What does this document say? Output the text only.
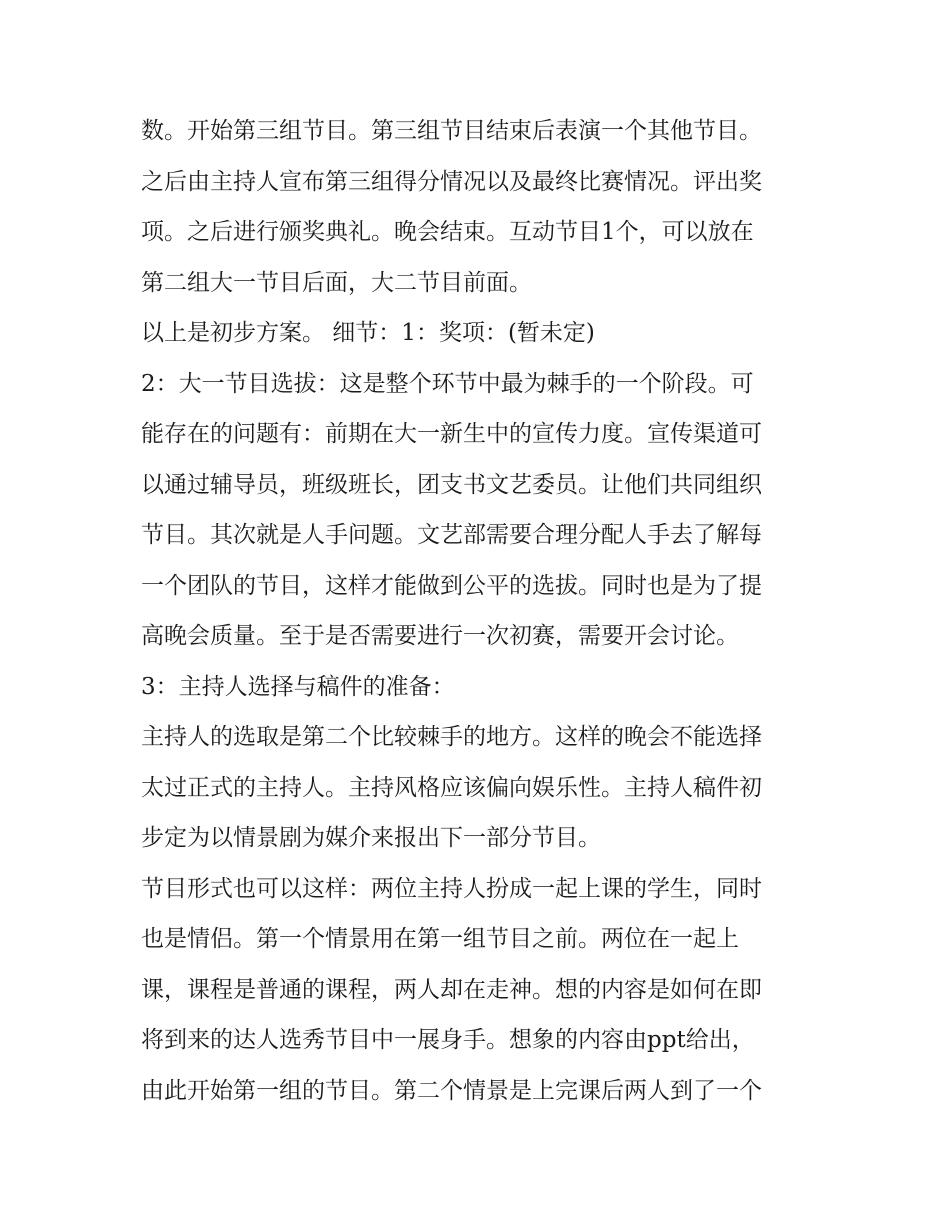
数。开始第三组节目。第三组节目结束后表演一个其他节目。
之后由主持人宣布第三组得分情况以及最终比赛情况。评出奖
项。之后进行颁奖典礼。晚会结束。互动节目1个，可以放在
第二组大一节目后面，大二节目前面。
以上是初步方案。 细节：1：奖项：(暂未定)
2：大一节目选拔：这是整个环节中最为棘手的一个阶段。可
能存在的问题有：前期在大一新生中的宣传力度。宣传渠道可
以通过辅导员，班级班长，团支书文艺委员。让他们共同组织
节目。其次就是人手问题。文艺部需要合理分配人手去了解每
一个团队的节目，这样才能做到公平的选拔。同时也是为了提
高晚会质量。至于是否需要进行一次初赛，需要开会讨论。
3：主持人选择与稿件的准备：
主持人的选取是第二个比较棘手的地方。这样的晚会不能选择
太过正式的主持人。主持风格应该偏向娱乐性。主持人稿件初
步定为以情景剧为媒介来报出下一部分节目。
节目形式也可以这样：两位主持人扮成一起上课的学生，同时
也是情侣。第一个情景用在第一组节目之前。两位在一起上
课，课程是普通的课程，两人却在走神。想的内容是如何在即
将到来的达人选秀节目中一展身手。想象的内容由ppt给出，
由此开始第一组的节目。第二个情景是上完课后两人到了一个
